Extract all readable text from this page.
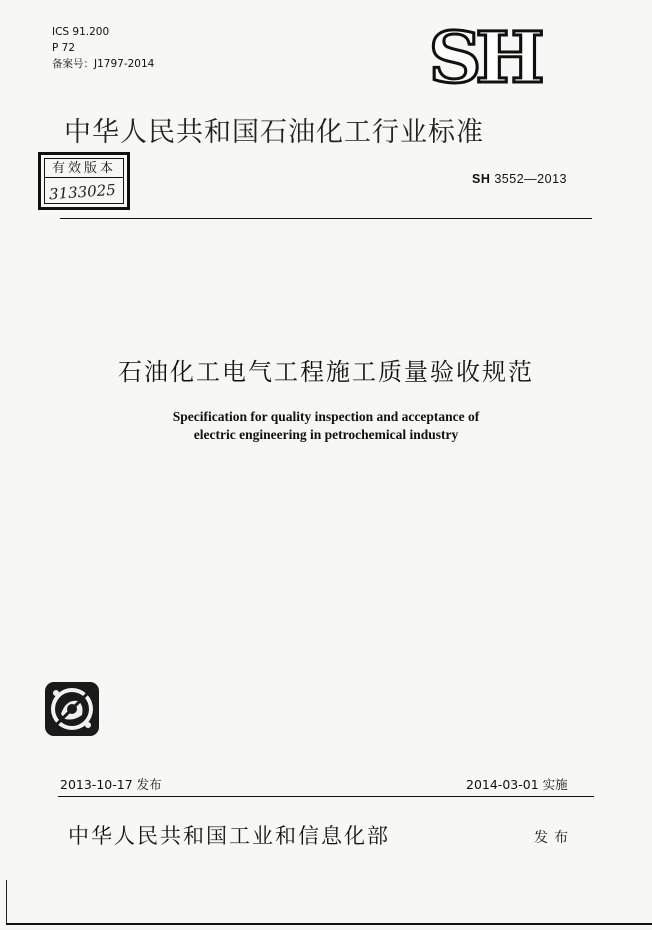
ICS 91.200
P 72
备案号：J1797-2014	SH
中华人民共和国石油化工行业标准
有效版本
3133025
SH 3552—2013
石油化工电气工程施工质量验收规范
Specification for quality inspection and acceptance of
electric engineering in petrochemical industry
2013-10-17 发布	2014-03-01 实施
中华人民共和国工业和信息化部	发布
